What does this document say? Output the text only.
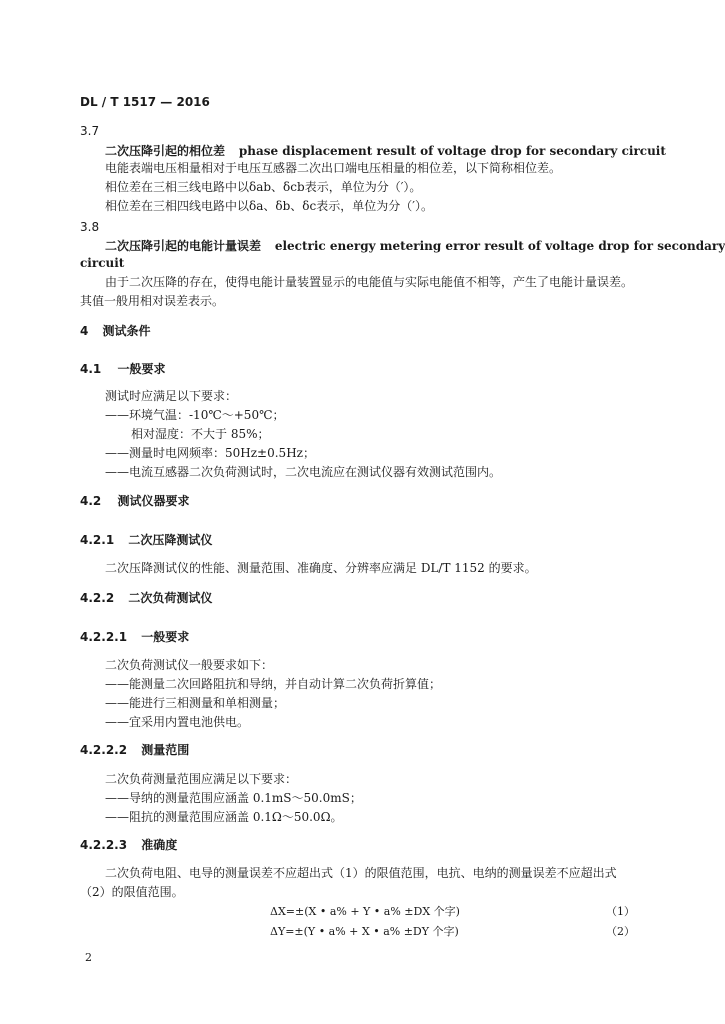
DL / T 1517 — 2016
3.7
二次压降引起的相位差 phase displacement result of voltage drop for secondary circuit
电能表端电压相量相对于电压互感器二次出口端电压相量的相位差，以下简称相位差。
相位差在三相三线电路中以δab、δcb表示，单位为分（′）。
相位差在三相四线电路中以δa、δb、δc表示，单位为分（′）。
3.8
二次压降引起的电能计量误差 electric energy metering error result of voltage drop for secondary
circuit
由于二次压降的存在，使得电能计量装置显示的电能值与实际电能值不相等，产生了电能计量误差。
其值一般用相对误差表示。
4 测试条件
4.1 一般要求
测试时应满足以下要求：
——环境气温：-10℃～+50℃；
相对湿度：不大于 85%；
——测量时电网频率：50Hz±0.5Hz；
——电流互感器二次负荷测试时，二次电流应在测试仪器有效测试范围内。
4.2 测试仪器要求
4.2.1 二次压降测试仪
二次压降测试仪的性能、测量范围、准确度、分辨率应满足 DL/T 1152 的要求。
4.2.2 二次负荷测试仪
4.2.2.1 一般要求
二次负荷测试仪一般要求如下：
——能测量二次回路阻抗和导纳，并自动计算二次负荷折算值；
——能进行三相测量和单相测量；
——宜采用内置电池供电。
4.2.2.2 测量范围
二次负荷测量范围应满足以下要求：
——导纳的测量范围应涵盖 0.1mS～50.0mS；
——阻抗的测量范围应涵盖 0.1Ω～50.0Ω。
4.2.2.3 准确度
二次负荷电阻、电导的测量误差不应超出式（1）的限值范围，电抗、电纳的测量误差不应超出式
（2）的限值范围。
ΔX=±(X • a% + Y • a% ±DX 个字)	（1）
ΔY=±(Y • a% + X • a% ±DY 个字)	（2）
2
